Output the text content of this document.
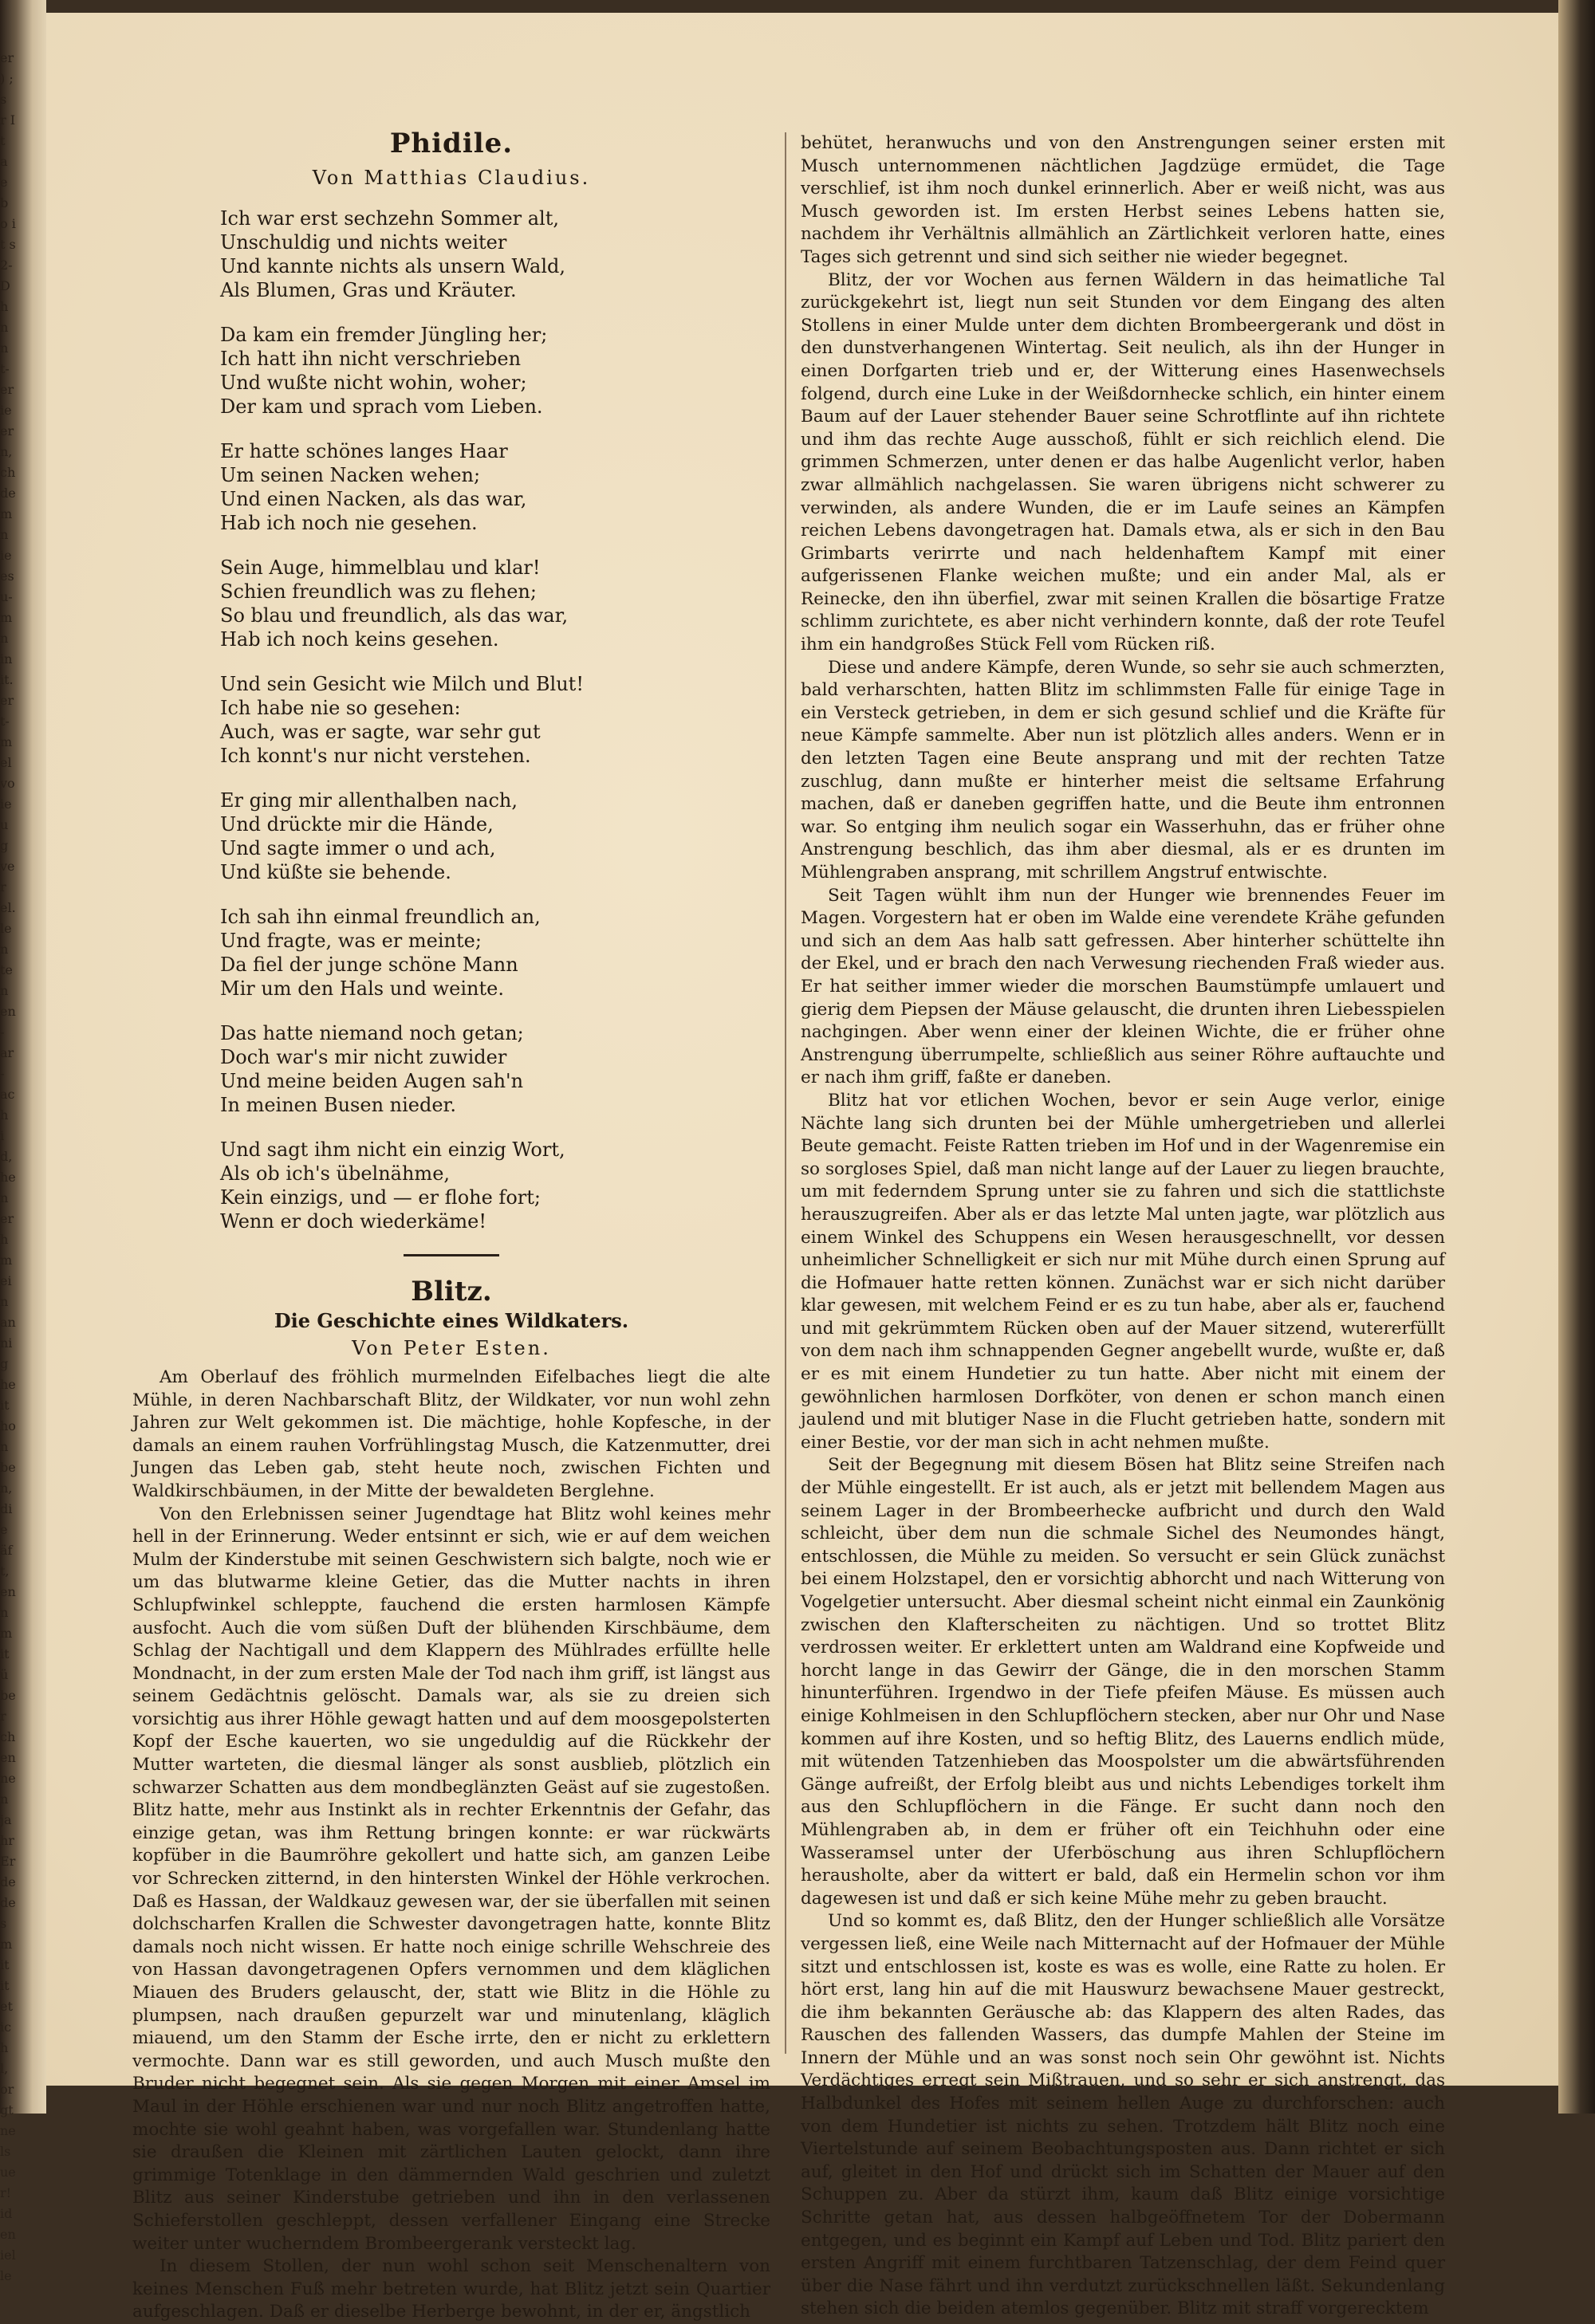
er ) ; s r I t a e b o it s 2- D h n n t- er ie er n, ch de m n ie es u- m n in it. er t- m el vo ie ug ver el. len ten en- ar- ach id, hen er hm ein an nig heit hon ben, die äft, enn mit über chen nen jahr Erde des mit itet ichl, orgt nels uer! iden ielle
Phidile.
Von Matthias Claudius.
Ich war erst sechzehn Sommer alt,
Unschuldig und nichts weiter
Und kannte nichts als unsern Wald,
Als Blumen, Gras und Kräuter.
Da kam ein fremder Jüngling her;
Ich hatt ihn nicht verschrieben
Und wußte nicht wohin, woher;
Der kam und sprach vom Lieben.
Er hatte schönes langes Haar
Um seinen Nacken wehen;
Und einen Nacken, als das war,
Hab ich noch nie gesehen.
Sein Auge, himmelblau und klar!
Schien freundlich was zu flehen;
So blau und freundlich, als das war,
Hab ich noch keins gesehen.
Und sein Gesicht wie Milch und Blut!
Ich habe nie so gesehen:
Auch, was er sagte, war sehr gut
Ich konnt's nur nicht verstehen.
Er ging mir allenthalben nach,
Und drückte mir die Hände,
Und sagte immer o und ach,
Und küßte sie behende.
Ich sah ihn einmal freundlich an,
Und fragte, was er meinte;
Da fiel der junge schöne Mann
Mir um den Hals und weinte.
Das hatte niemand noch getan;
Doch war's mir nicht zuwider
Und meine beiden Augen sah'n
In meinen Busen nieder.
Und sagt ihm nicht ein einzig Wort,
Als ob ich's übelnähme,
Kein einzigs, und — er flohe fort;
Wenn er doch wiederkäme!
Blitz.
Die Geschichte eines Wildkaters.
Von Peter Esten.

Am Oberlauf des fröhlich murmelnden Eifelbaches liegt die alte Mühle, in deren Nachbarschaft Blitz, der Wildkater, vor nun wohl zehn Jahren zur Welt gekommen ist. Die mächtige, hohle Kopfesche, in der damals an einem rauhen Vorfrühlingstag Musch, die Katzenmutter, drei Jungen das Leben gab, steht heute noch, zwischen Fichten und Waldkirschbäumen, in der Mitte der bewaldeten Berglehne.

Von den Erlebnissen seiner Jugendtage hat Blitz wohl keines mehr hell in der Erinnerung. Weder entsinnt er sich, wie er auf dem weichen Mulm der Kinderstube mit seinen Geschwistern sich balgte, noch wie er um das blutwarme kleine Getier, das die Mutter nachts in ihren Schlupfwinkel schleppte, fauchend die ersten harmlosen Kämpfe ausfocht. Auch die vom süßen Duft der blühenden Kirschbäume, dem Schlag der Nachtigall und dem Klappern des Mühlrades erfüllte helle Mondnacht, in der zum ersten Male der Tod nach ihm griff, ist längst aus seinem Gedächtnis gelöscht. Damals war, als sie zu dreien sich vorsichtig aus ihrer Höhle gewagt hatten und auf dem moosgepolsterten Kopf der Esche kauerten, wo sie ungeduldig auf die Rückkehr der Mutter warteten, die diesmal länger als sonst ausblieb, plötzlich ein schwarzer Schatten aus dem mondbeglänzten Geäst auf sie zugestoßen. Blitz hatte, mehr aus Instinkt als in rechter Erkenntnis der Gefahr, das einzige getan, was ihm Rettung bringen konnte: er war rückwärts kopfüber in die Baumröhre gekollert und hatte sich, am ganzen Leibe vor Schrecken zitternd, in den hintersten Winkel der Höhle verkrochen. Daß es Hassan, der Waldkauz gewesen war, der sie überfallen mit seinen dolchscharfen Krallen die Schwester davongetragen hatte, konnte Blitz damals noch nicht wissen. Er hatte noch einige schrille Wehschreie des von Hassan davongetragenen Opfers vernommen und dem kläglichen Miauen des Bruders gelauscht, der, statt wie Blitz in die Höhle zu plumpsen, nach draußen gepurzelt war und minutenlang, kläglich miauend, um den Stamm der Esche irrte, den er nicht zu erklettern vermochte. Dann war es still geworden, und auch Musch mußte den Bruder nicht begegnet sein. Als sie gegen Morgen mit einer Amsel im Maul in der Höhle erschienen war und nur noch Blitz angetroffen hatte, mochte sie wohl geahnt haben, was vorgefallen war. Stundenlang hatte sie draußen die Kleinen mit zärtlichen Lauten gelockt, dann ihre grimmige Totenklage in den dämmernden Wald geschrien und zuletzt Blitz aus seiner Kinderstube getrieben und ihn in den verlassenen Schieferstollen geschleppt, dessen verfallener Eingang eine Strecke weiter unter wucherndem Brombeergerank versteckt lag.

In diesem Stollen, der nun wohl schon seit Menschenaltern von keines Menschen Fuß mehr betreten wurde, hat Blitz jetzt sein Quartier aufgeschlagen. Daß er dieselbe Herberge bewohnt, in der er, ängstlich

behütet, heranwuchs und von den Anstrengungen seiner ersten mit Musch unternommenen nächtlichen Jagdzüge ermüdet, die Tage verschlief, ist ihm noch dunkel erinnerlich. Aber er weiß nicht, was aus Musch geworden ist. Im ersten Herbst seines Lebens hatten sie, nachdem ihr Verhältnis allmählich an Zärtlichkeit verloren hatte, eines Tages sich getrennt und sind sich seither nie wieder begegnet.

Blitz, der vor Wochen aus fernen Wäldern in das heimatliche Tal zurückgekehrt ist, liegt nun seit Stunden vor dem Eingang des alten Stollens in einer Mulde unter dem dichten Brombeergerank und döst in den dunstverhangenen Wintertag. Seit neulich, als ihn der Hunger in einen Dorfgarten trieb und er, der Witterung eines Hasenwechsels folgend, durch eine Luke in der Weißdornhecke schlich, ein hinter einem Baum auf der Lauer stehender Bauer seine Schrotflinte auf ihn richtete und ihm das rechte Auge ausschoß, fühlt er sich reichlich elend. Die grimmen Schmerzen, unter denen er das halbe Augenlicht verlor, haben zwar allmählich nachgelassen. Sie waren übrigens nicht schwerer zu verwinden, als andere Wunden, die er im Laufe seines an Kämpfen reichen Lebens davongetragen hat. Damals etwa, als er sich in den Bau Grimbarts verirrte und nach heldenhaftem Kampf mit einer aufgerissenen Flanke weichen mußte; und ein ander Mal, als er Reinecke, den ihn überfiel, zwar mit seinen Krallen die bösartige Fratze schlimm zurichtete, es aber nicht verhindern konnte, daß der rote Teufel ihm ein handgroßes Stück Fell vom Rücken riß.

Diese und andere Kämpfe, deren Wunde, so sehr sie auch schmerzten, bald verharschten, hatten Blitz im schlimmsten Falle für einige Tage in ein Versteck getrieben, in dem er sich gesund schlief und die Kräfte für neue Kämpfe sammelte. Aber nun ist plötzlich alles anders. Wenn er in den letzten Tagen eine Beute ansprang und mit der rechten Tatze zuschlug, dann mußte er hinterher meist die seltsame Erfahrung machen, daß er daneben gegriffen hatte, und die Beute ihm entronnen war. So entging ihm neulich sogar ein Wasserhuhn, das er früher ohne Anstrengung beschlich, das ihm aber diesmal, als er es drunten im Mühlengraben ansprang, mit schrillem Angstruf entwischte.

Seit Tagen wühlt ihm nun der Hunger wie brennendes Feuer im Magen. Vorgestern hat er oben im Walde eine verendete Krähe gefunden und sich an dem Aas halb satt gefressen. Aber hinterher schüttelte ihn der Ekel, und er brach den nach Verwesung riechenden Fraß wieder aus. Er hat seither immer wieder die morschen Baumstümpfe umlauert und gierig dem Piepsen der Mäuse gelauscht, die drunten ihren Liebesspielen nachgingen. Aber wenn einer der kleinen Wichte, die er früher ohne Anstrengung überrumpelte, schließlich aus seiner Röhre auftauchte und er nach ihm griff, faßte er daneben.

Blitz hat vor etlichen Wochen, bevor er sein Auge verlor, einige Nächte lang sich drunten bei der Mühle umhergetrieben und allerlei Beute gemacht. Feiste Ratten trieben im Hof und in der Wagenremise ein so sorgloses Spiel, daß man nicht lange auf der Lauer zu liegen brauchte, um mit federndem Sprung unter sie zu fahren und sich die stattlichste herauszugreifen. Aber als er das letzte Mal unten jagte, war plötzlich aus einem Winkel des Schuppens ein Wesen herausgeschnellt, vor dessen unheimlicher Schnelligkeit er sich nur mit Mühe durch einen Sprung auf die Hofmauer hatte retten können. Zunächst war er sich nicht darüber klar gewesen, mit welchem Feind er es zu tun habe, aber als er, fauchend und mit gekrümmtem Rücken oben auf der Mauer sitzend, wutererfüllt von dem nach ihm schnappenden Gegner angebellt wurde, wußte er, daß er es mit einem Hundetier zu tun hatte. Aber nicht mit einem der gewöhnlichen harmlosen Dorfköter, von denen er schon manch einen jaulend und mit blutiger Nase in die Flucht getrieben hatte, sondern mit einer Bestie, vor der man sich in acht nehmen mußte.

Seit der Begegnung mit diesem Bösen hat Blitz seine Streifen nach der Mühle eingestellt. Er ist auch, als er jetzt mit bellendem Magen aus seinem Lager in der Brombeerhecke aufbricht und durch den Wald schleicht, über dem nun die schmale Sichel des Neumondes hängt, entschlossen, die Mühle zu meiden. So versucht er sein Glück zunächst bei einem Holzstapel, den er vorsichtig abhorcht und nach Witterung von Vogelgetier untersucht. Aber diesmal scheint nicht einmal ein Zaunkönig zwischen den Klafterscheiten zu nächtigen. Und so trottet Blitz verdrossen weiter. Er erklettert unten am Waldrand eine Kopfweide und horcht lange in das Gewirr der Gänge, die in den morschen Stamm hinunterführen. Irgendwo in der Tiefe pfeifen Mäuse. Es müssen auch einige Kohlmeisen in den Schlupflöchern stecken, aber nur Ohr und Nase kommen auf ihre Kosten, und so heftig Blitz, des Lauerns endlich müde, mit wütenden Tatzenhieben das Moospolster um die abwärtsführenden Gänge aufreißt, der Erfolg bleibt aus und nichts Lebendiges torkelt ihm aus den Schlupflöchern in die Fänge. Er sucht dann noch den Mühlengraben ab, in dem er früher oft ein Teichhuhn oder eine Wasseramsel unter der Uferböschung aus ihren Schlupflöchern herausholte, aber da wittert er bald, daß ein Hermelin schon vor ihm dagewesen ist und daß er sich keine Mühe mehr zu geben braucht.

Und so kommt es, daß Blitz, den der Hunger schließlich alle Vorsätze vergessen ließ, eine Weile nach Mitternacht auf der Hofmauer der Mühle sitzt und entschlossen ist, koste es was es wolle, eine Ratte zu holen. Er hört erst, lang hin auf die mit Hauswurz bewachsene Mauer gestreckt, die ihm bekannten Geräusche ab: das Klappern des alten Rades, das Rauschen des fallenden Wassers, das dumpfe Mahlen der Steine im Innern der Mühle und an was sonst noch sein Ohr gewöhnt ist. Nichts Verdächtiges erregt sein Mißtrauen, und so sehr er sich anstrengt, das Halbdunkel des Hofes mit seinem hellen Auge zu durchforschen: auch von dem Hundetier ist nichts zu sehen. Trotzdem hält Blitz noch eine Viertelstunde auf seinem Beobachtungsposten aus. Dann richtet er sich auf, gleitet in den Hof und drückt sich im Schatten der Mauer auf den Schuppen zu. Aber da stürzt ihm, kaum daß Blitz einige vorsichtige Schritte getan hat, aus dessen halbgeöffnetem Tor der Dobermann entgegen, und es beginnt ein Kampf auf Leben und Tod. Blitz pariert den ersten Angriff mit einem furchtbaren Tatzenschlag, der dem Feind quer über die Nase fährt und ihn verdutzt zurückschnellen läßt. Sekundenlang stehen sich die beiden atemlos gegenüber. Blitz mit straff vorgerecktem
